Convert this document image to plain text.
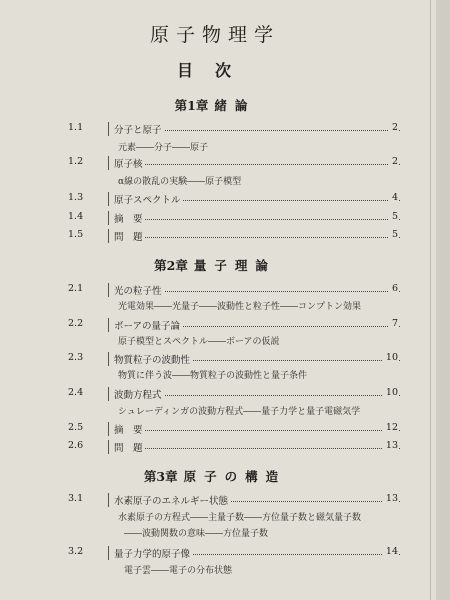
原子物理学
目次
第1章 緒論
1.1	分子と原子	2
元素――分子――原子
1.2	原子核	2
α線の散乱の実験――原子模型
1.3	原子スペクトル	4
1.4	摘　要	5
1.5	問　題	5
第2章 量子理論
2.1	光の粒子性	6
光電効果――光量子――波動性と粒子性――コンプトン効果
2.2	ボーアの量子論	7
原子模型とスペクトル――ボーアの仮説
2.3	物質粒子の波動性	10
物質に伴う波――物質粒子の波動性と量子条件
2.4	波動方程式	10
シュレーディンガの波動方程式――量子力学と量子電磁気学
2.5	摘　要	12
2.6	問　題	13
第3章 原子の構造
3.1	水素原子のエネルギー状態	13
水素原子の方程式――主量子数――方位量子数と磁気量子数
――波動関数の意味――方位量子数
3.2	量子力学的原子像	14
電子雲――電子の分布状態
